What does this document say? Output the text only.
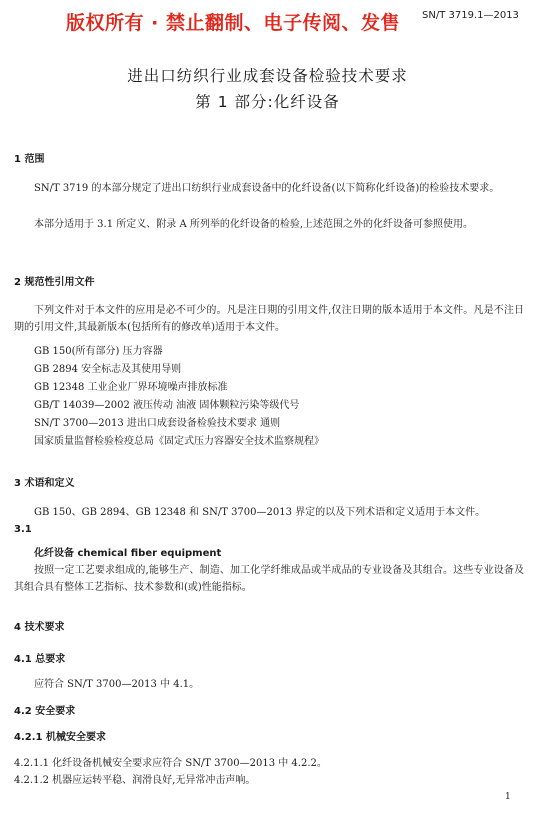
版权所有 · 禁止翻制、电子传阅、发售 SN/T 3719.1—2013
进出口纺织行业成套设备检验技术要求
第 1 部分:化纤设备
1 范围
SN/T 3719 的本部分规定了进出口纺织行业成套设备中的化纤设备(以下简称化纤设备)的检验技术要求。
本部分适用于 3.1 所定义、附录 A 所列举的化纤设备的检验,上述范围之外的化纤设备可参照使用。
2 规范性引用文件
下列文件对于本文件的应用是必不可少的。凡是注日期的引用文件,仅注日期的版本适用于本文件。凡是不注日期的引用文件,其最新版本(包括所有的修改单)适用于本文件。
GB 150(所有部分) 压力容器
GB 2894 安全标志及其使用导则
GB 12348 工业企业厂界环境噪声排放标准
GB/T 14039—2002 液压传动 油液 固体颗粒污染等级代号
SN/T 3700—2013 进出口成套设备检验技术要求 通则
国家质量监督检验检疫总局《固定式压力容器安全技术监察规程》
3 术语和定义
GB 150、GB 2894、GB 12348 和 SN/T 3700—2013 界定的以及下列术语和定义适用于本文件。
3.1
化纤设备 chemical fiber equipment
按照一定工艺要求组成的,能够生产、制造、加工化学纤维成品或半成品的专业设备及其组合。这些专业设备及其组合具有整体工艺指标、技术参数和(或)性能指标。
4 技术要求
4.1 总要求
应符合 SN/T 3700—2013 中 4.1。
4.2 安全要求
4.2.1 机械安全要求
4.2.1.1 化纤设备机械安全要求应符合 SN/T 3700—2013 中 4.2.2。
4.2.1.2 机器应运转平稳、润滑良好,无异常冲击声响。
1
